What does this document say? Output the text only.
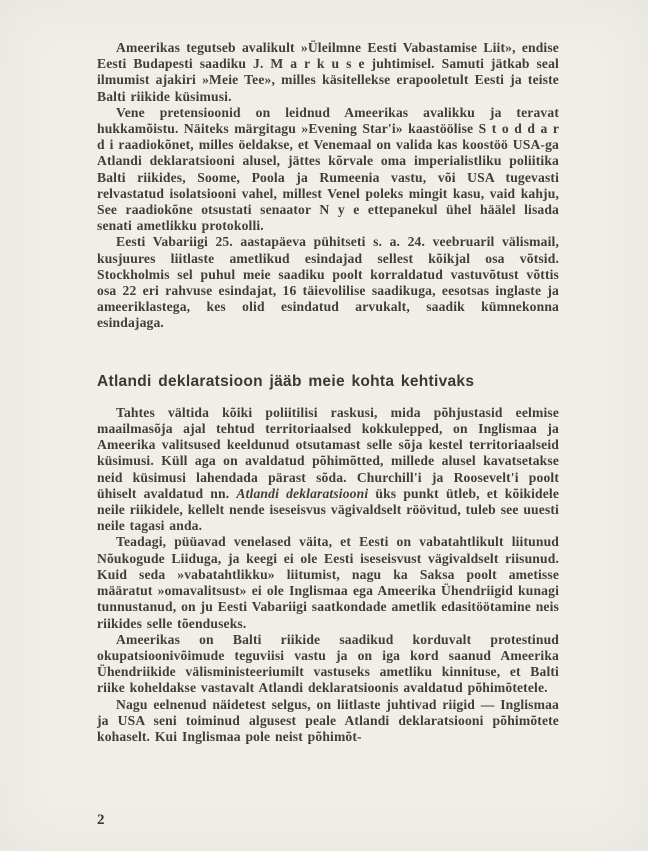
Ameerikas tegutseb avalikult »Üleilmne Eesti Vabastamise Liit», endise Eesti Budapesti saadiku J. M a r k u s e juhtimisel. Samuti jätkab seal ilmumist ajakiri »Meie Tee», milles käsitellekse erapooletult Eesti ja teiste Balti riikide küsimusi.

Vene pretensioonid on leidnud Ameerikas avalikku ja teravat hukkamõistu. Näiteks märgitagu »Evening Star'i» kaastöölise S t o d d a r d i raadiokõnet, milles öeldakse, et Venemaal on valida kas koostöö USA-ga Atlandi deklaratsiooni alusel, jättes kõrvale oma imperialistliku poliitika Balti riikides, Soome, Poola ja Rumeenia vastu, või USA tugevasti relvastatud isolatsiooni vahel, millest Venel poleks mingit kasu, vaid kahju, See raadiokõne otsustati senaator N y e ettepanekul ühel häälel lisada senati ametlikku protokolli.

Eesti Vabariigi 25. aastapäeva pühitseti s. a. 24. veebruaril välismail, kusjuures liitlaste ametlikud esindajad sellest kõikjal osa võtsid. Stockholmis sel puhul meie saadiku poolt korraldatud vastuvõtust võttis osa 22 eri rahvuse esindajat, 16 täievolilise saadikuga, eesotsas inglaste ja ameeriklastega, kes olid esindatud arvukalt, saadik kümnekonna esindajaga.

Atlandi deklaratsioon jääb meie kohta kehtivaks

Tahtes vältida kõiki poliitilisi raskusi, mida põhjustasid eelmise maailmasõja ajal tehtud territoriaalsed kokkulepped, on Inglismaa ja Ameerika valitsused keeldunud otsutamast selle sõja kestel territoriaalseid küsimusi. Küll aga on avaldatud põhimõtted, millede alusel kavatsetakse neid küsimusi lahendada pärast sõda. Churchill'i ja Roosevelt'i poolt ühiselt avaldatud nn. Atlandi deklaratsiooni üks punkt ütleb, et kõikidele neile riikidele, kellelt nende iseseisvus vägivaldselt röövitud, tuleb see uuesti neile tagasi anda.

Teadagi, püüavad venelased väita, et Eesti on vabatahtlikult liitunud Nõukogude Liiduga, ja keegi ei ole Eesti iseseisvust vägivaldselt riisunud. Kuid seda »vabatahtlikku» liitumist, nagu ka Saksa poolt ametisse määratut »omavalitsust» ei ole Inglismaa ega Ameerika Ühendriigid kunagi tunnustanud, on ju Eesti Vabariigi saatkondade ametlik edasitöötamine neis riikides selle tõenduseks.

Ameerikas on Balti riikide saadikud korduvalt protestinud okupatsioonivõimude teguviisi vastu ja on iga kord saanud Ameerika Ühendriikide välisministeeriumilt vastuseks ametliku kinnituse, et Balti riike koheldakse vastavalt Atlandi deklaratsioonis avaldatud põhimõtetele.

Nagu eelnenud näidetest selgus, on liitlaste juhtivad riigid — Inglismaa ja USA seni toiminud algusest peale Atlandi deklaratsiooni põhimõtete kohaselt. Kui Inglismaa pole neist põhimõt-

2
